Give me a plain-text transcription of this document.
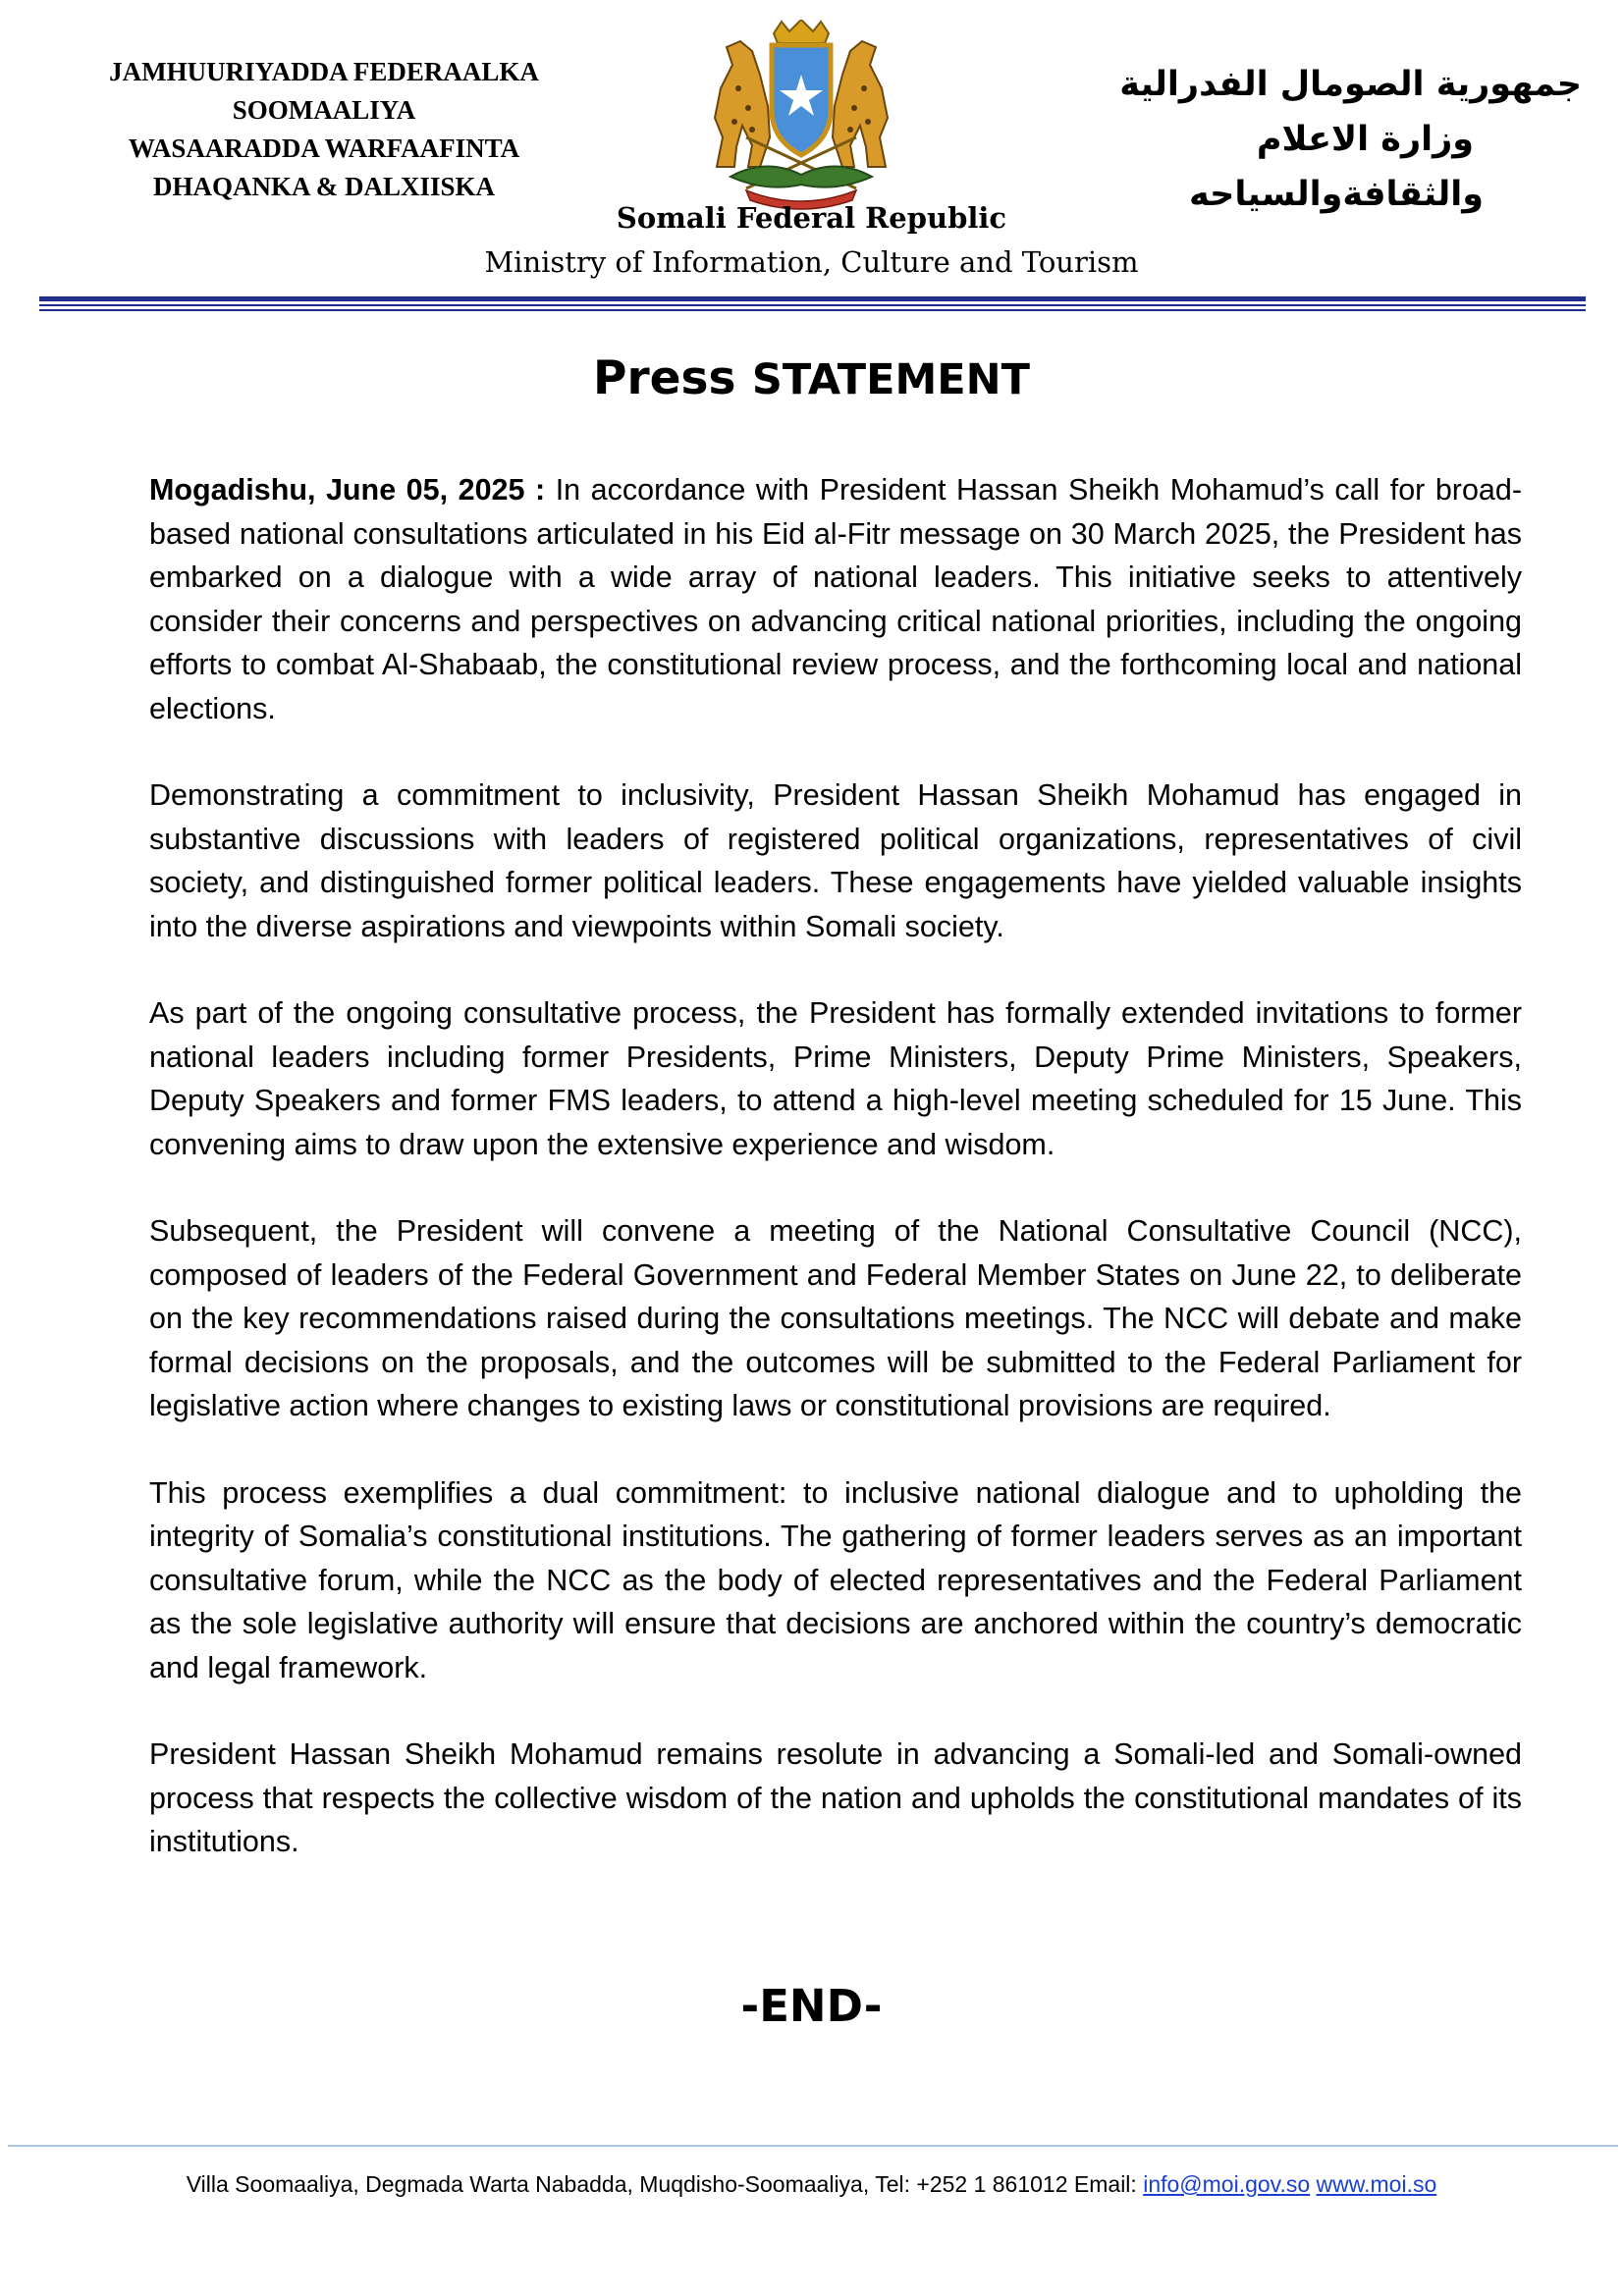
JAMHUURIYADDA FEDERAALKA
SOOMAALIYA
WASAARADDA WARFAAFINTA
DHAQANKA & DALXIISKA
جمهورية الصومال الفدرالية
وزارة الاعلام
والثقافةوالسياحه
Somali Federal Republic
Ministry of Information, Culture and Tourism
Press STATEMENT

Mogadishu, June 05, 2025 : In accordance with President Hassan Sheikh Mohamud’s call for broad-based national consultations articulated in his Eid al-Fitr message on 30 March 2025, the President has embarked on a dialogue with a wide array of national leaders. This initiative seeks to attentively consider their concerns and perspectives on advancing critical national priorities, including the ongoing efforts to combat Al-Shabaab, the constitutional review process, and the forthcoming local and national elections.

Demonstrating a commitment to inclusivity, President Hassan Sheikh Mohamud has engaged in substantive discussions with leaders of registered political organizations, representatives of civil society, and distinguished former political leaders. These engagements have yielded valuable insights into the diverse aspirations and viewpoints within Somali society.

As part of the ongoing consultative process, the President has formally extended invitations to former national leaders including former Presidents, Prime Ministers, Deputy Prime Ministers, Speakers, Deputy Speakers and former FMS leaders, to attend a high-level meeting scheduled for 15 June. This convening aims to draw upon the extensive experience and wisdom.

Subsequent, the President will convene a meeting of the National Consultative Council (NCC), composed of leaders of the Federal Government and Federal Member States on June 22, to deliberate on the key recommendations raised during the consultations meetings. The NCC will debate and make formal decisions on the proposals, and the outcomes will be submitted to the Federal Parliament for legislative action where changes to existing laws or constitutional provisions are required.

This process exemplifies a dual commitment: to inclusive national dialogue and to upholding the integrity of Somalia’s constitutional institutions. The gathering of former leaders serves as an important consultative forum, while the NCC as the body of elected representatives and the Federal Parliament as the sole legislative authority will ensure that decisions are anchored within the country’s democratic and legal framework.

President Hassan Sheikh Mohamud remains resolute in advancing a Somali-led and Somali-owned process that respects the collective wisdom of the nation and upholds the constitutional mandates of its institutions.

-END-
Villa Soomaaliya, Degmada Warta Nabadda, Muqdisho-Soomaaliya, Tel: +252 1 861012 Email: info@moi.gov.so www.moi.so
